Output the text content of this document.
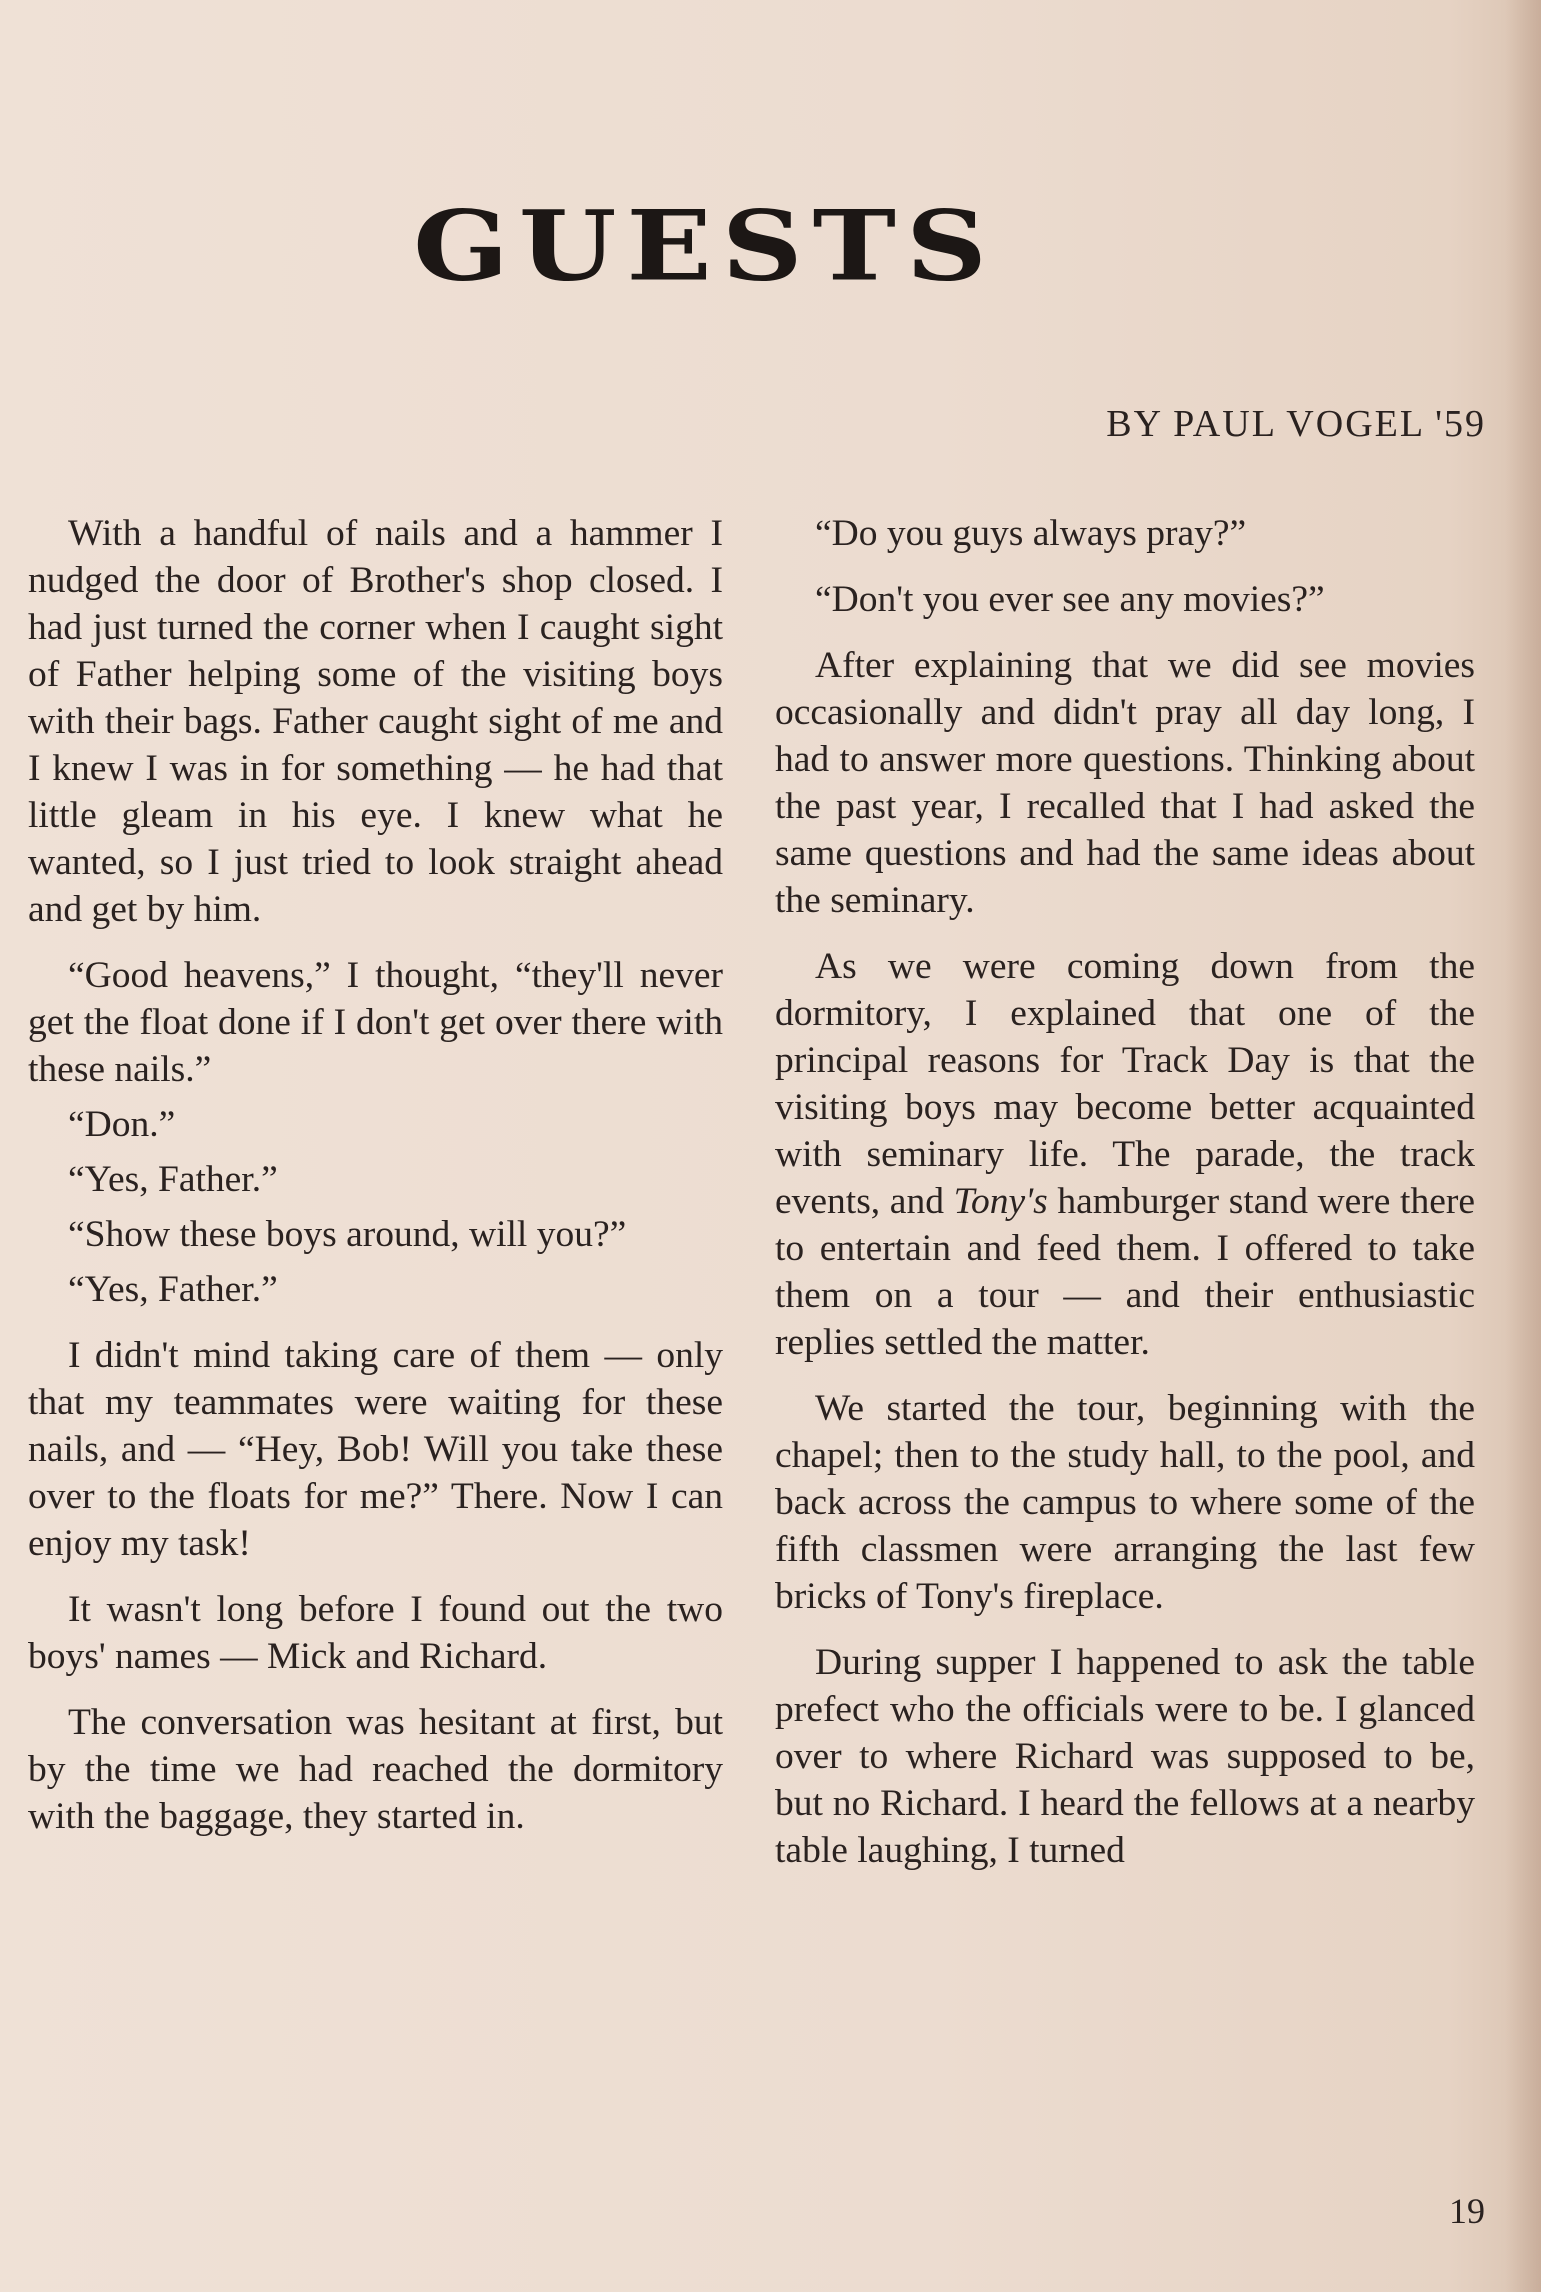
GUESTS
BY PAUL VOGEL '59

With a handful of nails and a hammer I nudged the door of Brother's shop closed. I had just turned the corner when I caught sight of Father helping some of the visiting boys with their bags. Father caught sight of me and I knew I was in for something — he had that little gleam in his eye. I knew what he wanted, so I just tried to look straight ahead and get by him.

“Good heavens,” I thought, “they'll never get the float done if I don't get over there with these nails.”

“Don.”

“Yes, Father.”

“Show these boys around, will you?”

“Yes, Father.”

I didn't mind taking care of them — only that my teammates were waiting for these nails, and — “Hey, Bob! Will you take these over to the floats for me?” There. Now I can enjoy my task!

It wasn't long before I found out the two boys' names — Mick and Richard.

The conversation was hesitant at first, but by the time we had reached the dormitory with the baggage, they started in.

“Do you guys always pray?”

“Don't you ever see any movies?”

After explaining that we did see movies occasionally and didn't pray all day long, I had to answer more questions. Thinking about the past year, I recalled that I had asked the same questions and had the same ideas about the seminary.

As we were coming down from the dormitory, I explained that one of the principal reasons for Track Day is that the visiting boys may become better acquainted with seminary life. The parade, the track events, and Tony's hamburger stand were there to entertain and feed them. I offered to take them on a tour — and their enthusiastic replies settled the matter.

We started the tour, beginning with the chapel; then to the study hall, to the pool, and back across the campus to where some of the fifth classmen were arranging the last few bricks of Tony's fireplace.

During supper I happened to ask the table prefect who the officials were to be. I glanced over to where Richard was supposed to be, but no Richard. I heard the fellows at a nearby table laughing, I turned

19
